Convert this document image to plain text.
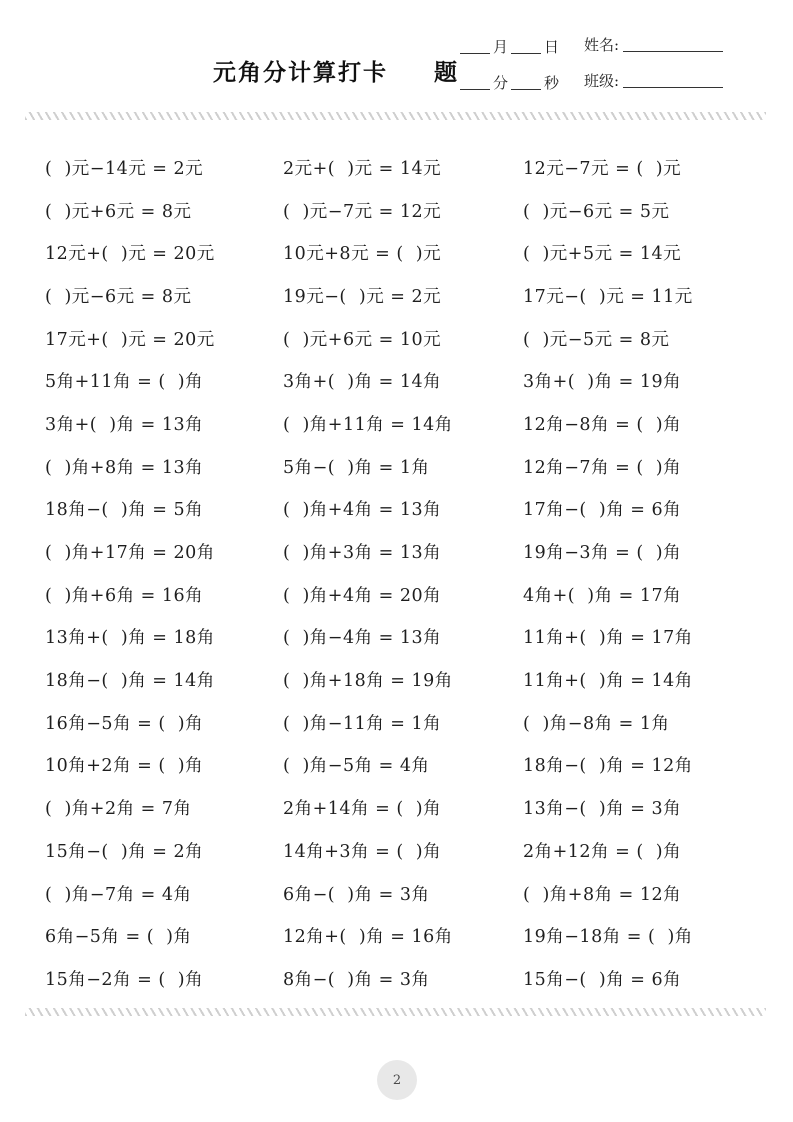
元角分计算打卡 题
月 日 姓名:
分 秒 班级:
(  )元−14元 = 2元	2元+(  )元 = 14元	12元−7元 = (  )元
(  )元+6元 = 8元	(  )元−7元 = 12元	(  )元−6元 = 5元
12元+(  )元 = 20元	10元+8元 = (  )元	(  )元+5元 = 14元
(  )元−6元 = 8元	19元−(  )元 = 2元	17元−(  )元 = 11元
17元+(  )元 = 20元	(  )元+6元 = 10元	(  )元−5元 = 8元
5角+11角 = (  )角	3角+(  )角 = 14角	3角+(  )角 = 19角
3角+(  )角 = 13角	(  )角+11角 = 14角	12角−8角 = (  )角
(  )角+8角 = 13角	5角−(  )角 = 1角	12角−7角 = (  )角
18角−(  )角 = 5角	(  )角+4角 = 13角	17角−(  )角 = 6角
(  )角+17角 = 20角	(  )角+3角 = 13角	19角−3角 = (  )角
(  )角+6角 = 16角	(  )角+4角 = 20角	4角+(  )角 = 17角
13角+(  )角 = 18角	(  )角−4角 = 13角	11角+(  )角 = 17角
18角−(  )角 = 14角	(  )角+18角 = 19角	11角+(  )角 = 14角
16角−5角 = (  )角	(  )角−11角 = 1角	(  )角−8角 = 1角
10角+2角 = (  )角	(  )角−5角 = 4角	18角−(  )角 = 12角
(  )角+2角 = 7角	2角+14角 = (  )角	13角−(  )角 = 3角
15角−(  )角 = 2角	14角+3角 = (  )角	2角+12角 = (  )角
(  )角−7角 = 4角	6角−(  )角 = 3角	(  )角+8角 = 12角
6角−5角 = (  )角	12角+(  )角 = 16角	19角−18角 = (  )角
15角−2角 = (  )角	8角−(  )角 = 3角	15角−(  )角 = 6角
2
